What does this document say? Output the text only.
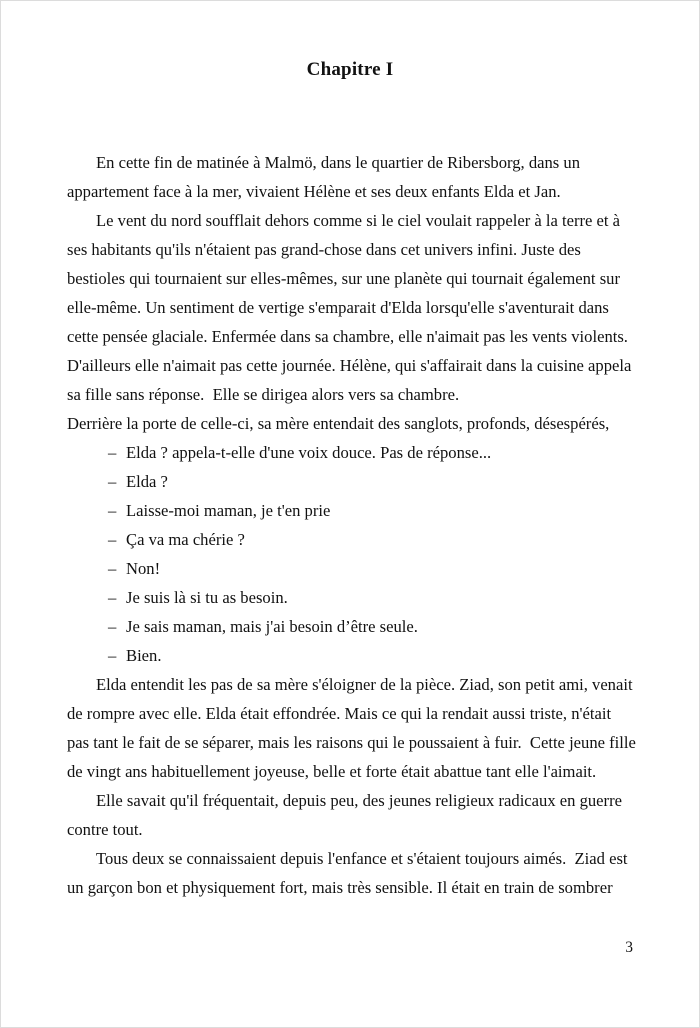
Chapitre I

En cette fin de matinée à Malmö, dans le quartier de Ribersborg, dans un appartement face à la mer, vivaient Hélène et ses deux enfants Elda et Jan.

Le vent du nord soufflait dehors comme si le ciel voulait rappeler à la terre et à ses habitants qu'ils n'étaient pas grand-chose dans cet univers infini. Juste des bestioles qui tournaient sur elles-mêmes, sur une planète qui tournait également sur elle-même. Un sentiment de vertige s'emparait d'Elda lorsqu'elle s'aventurait dans cette pensée glaciale. Enfermée dans sa chambre, elle n'aimait pas les vents violents. D'ailleurs elle n'aimait pas cette journée. Hélène, qui s'affairait dans la cuisine appela sa fille sans réponse.  Elle se dirigea alors vers sa chambre.

Derrière la porte de celle-ci, sa mère entendait des sanglots, profonds, désespérés,

– Elda ? appela-t-elle d'une voix douce. Pas de réponse...

– Elda ?

– Laisse-moi maman, je t'en prie

– Ça va ma chérie ?

– Non!

– Je suis là si tu as besoin.

– Je sais maman, mais j'ai besoin d’être seule.

– Bien.

Elda entendit les pas de sa mère s'éloigner de la pièce. Ziad, son petit ami, venait de rompre avec elle. Elda était effondrée. Mais ce qui la rendait aussi triste, n'était pas tant le fait de se séparer, mais les raisons qui le poussaient à fuir.  Cette jeune fille de vingt ans habituellement joyeuse, belle et forte était abattue tant elle l'aimait.

Elle savait qu'il fréquentait, depuis peu, des jeunes religieux radicaux en guerre contre tout.

Tous deux se connaissaient depuis l'enfance et s'étaient toujours aimés.  Ziad est un garçon bon et physiquement fort, mais très sensible. Il était en train de sombrer

3
